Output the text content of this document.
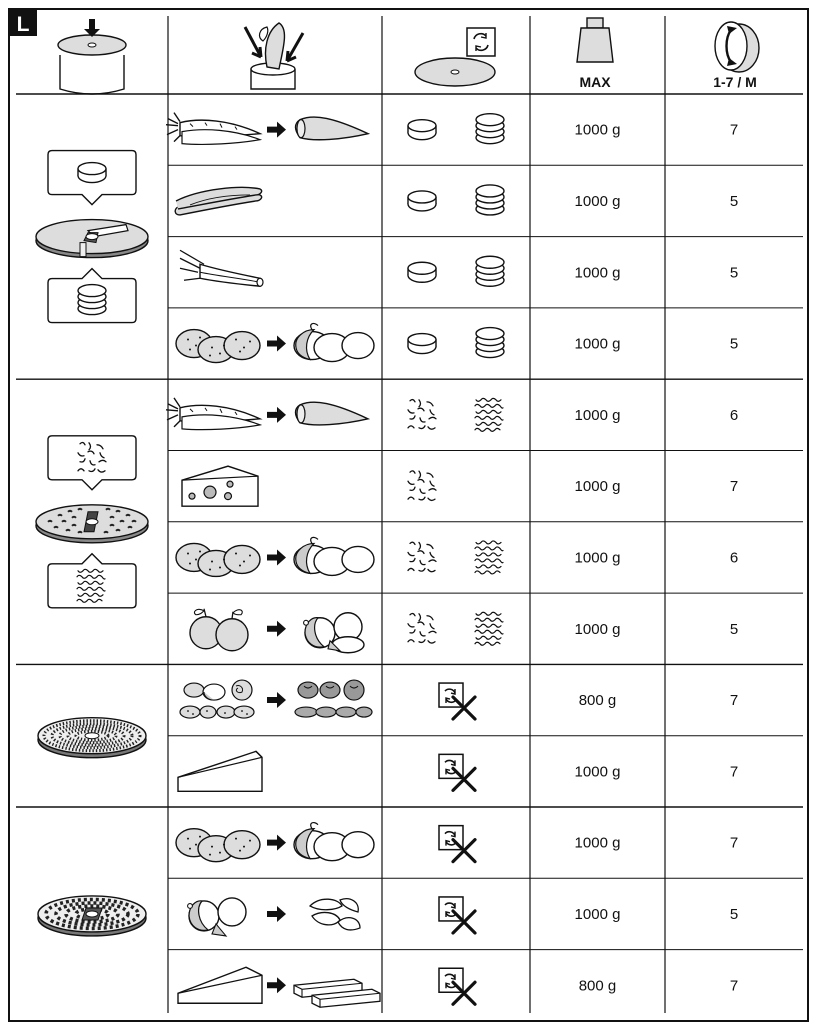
L
MAX	1-7 / M
1000 g	7
1000 g	5
1000 g	5
1000 g	5
1000 g	6
1000 g	7
1000 g	6
1000 g	5
800 g	7
1000 g	7
1000 g	7
1000 g	5
800 g	7
